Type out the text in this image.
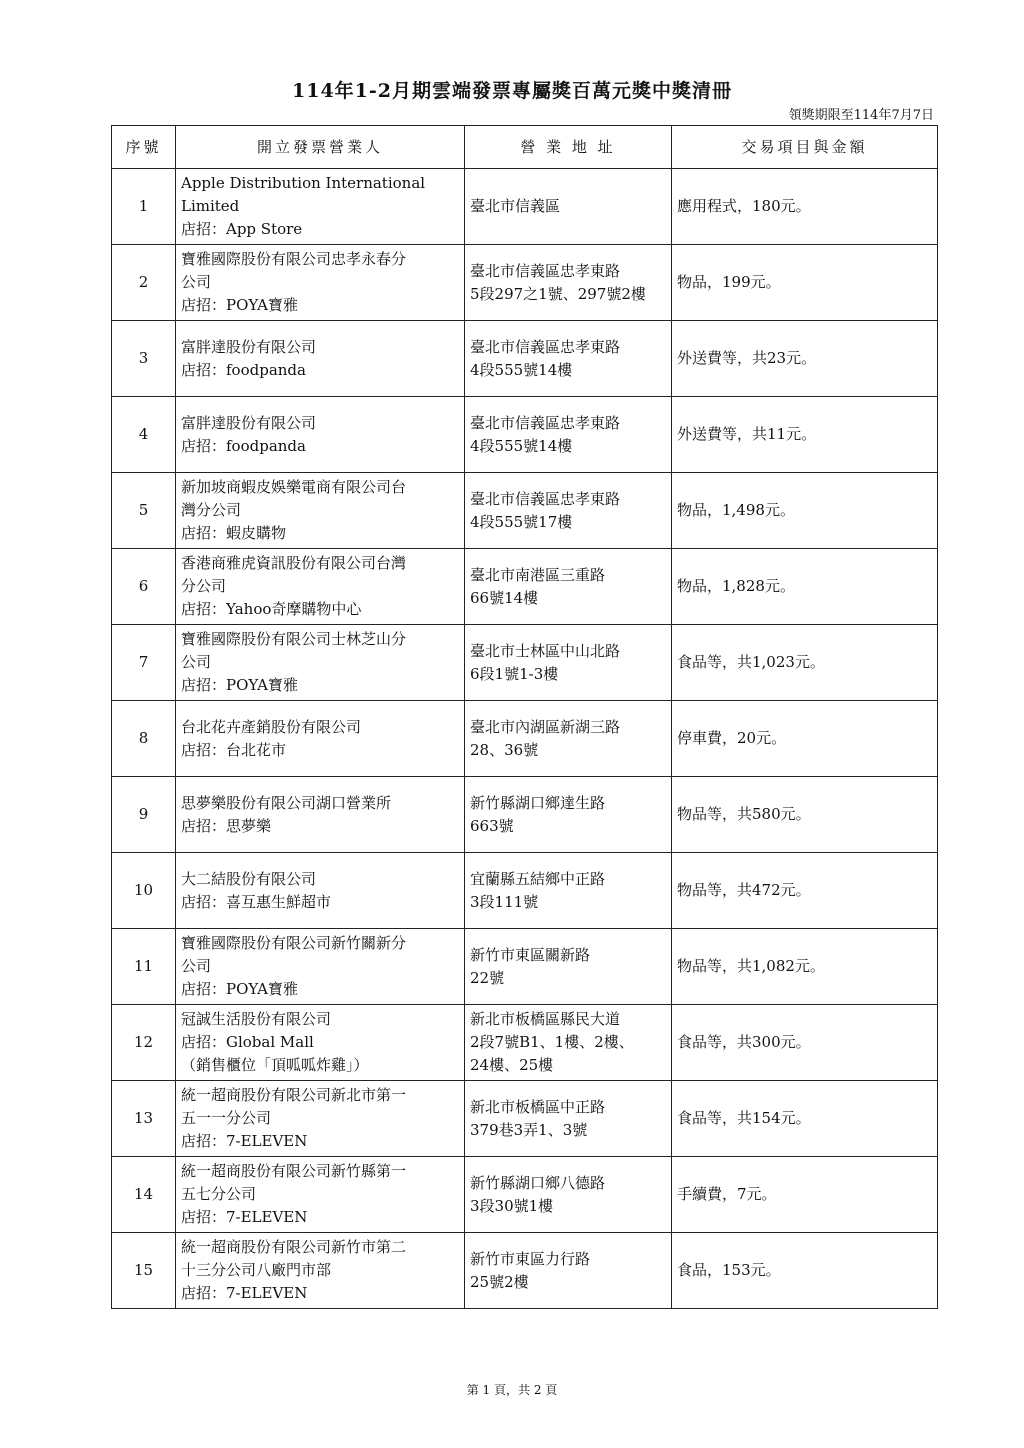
114年1-2月期雲端發票專屬獎百萬元獎中獎清冊
領獎期限至114年7月7日
序號	開立發票營業人	營 業 地 址	交易項目與金額
1	Apple Distribution International
Limited
店招：App Store	臺北市信義區	應用程式，180元。
2	寶雅國際股份有限公司忠孝永春分
公司
店招：POYA寶雅	臺北市信義區忠孝東路
5段297之1號、297號2樓	物品，199元。
3	富胖達股份有限公司
店招：foodpanda	臺北市信義區忠孝東路
4段555號14樓	外送費等，共23元。
4	富胖達股份有限公司
店招：foodpanda	臺北市信義區忠孝東路
4段555號14樓	外送費等，共11元。
5	新加坡商蝦皮娛樂電商有限公司台
灣分公司
店招：蝦皮購物	臺北市信義區忠孝東路
4段555號17樓	物品，1,498元。
6	香港商雅虎資訊股份有限公司台灣
分公司
店招：Yahoo奇摩購物中心	臺北市南港區三重路
66號14樓	物品，1,828元。
7	寶雅國際股份有限公司士林芝山分
公司
店招：POYA寶雅	臺北市士林區中山北路
6段1號1-3樓	食品等，共1,023元。
8	台北花卉產銷股份有限公司
店招：台北花市	臺北市內湖區新湖三路
28、36號	停車費，20元。
9	思夢樂股份有限公司湖口營業所
店招：思夢樂	新竹縣湖口鄉達生路
663號	物品等，共580元。
10	大二結股份有限公司
店招：喜互惠生鮮超市	宜蘭縣五結鄉中正路
3段111號	物品等，共472元。
11	寶雅國際股份有限公司新竹關新分
公司
店招：POYA寶雅	新竹市東區關新路
22號	物品等，共1,082元。
12	冠誠生活股份有限公司
店招：Global Mall
（銷售櫃位「頂呱呱炸雞」）	新北市板橋區縣民大道
2段7號B1、1樓、2樓、
24樓、25樓	食品等，共300元。
13	統一超商股份有限公司新北市第一
五一一分公司
店招：7-ELEVEN	新北市板橋區中正路
379巷3弄1、3號	食品等，共154元。
14	統一超商股份有限公司新竹縣第一
五七分公司
店招：7-ELEVEN	新竹縣湖口鄉八德路
3段30號1樓	手續費，7元。
15	統一超商股份有限公司新竹市第二
十三分公司八廠門市部
店招：7-ELEVEN	新竹市東區力行路
25號2樓	食品，153元。
第 1 頁，共 2 頁
